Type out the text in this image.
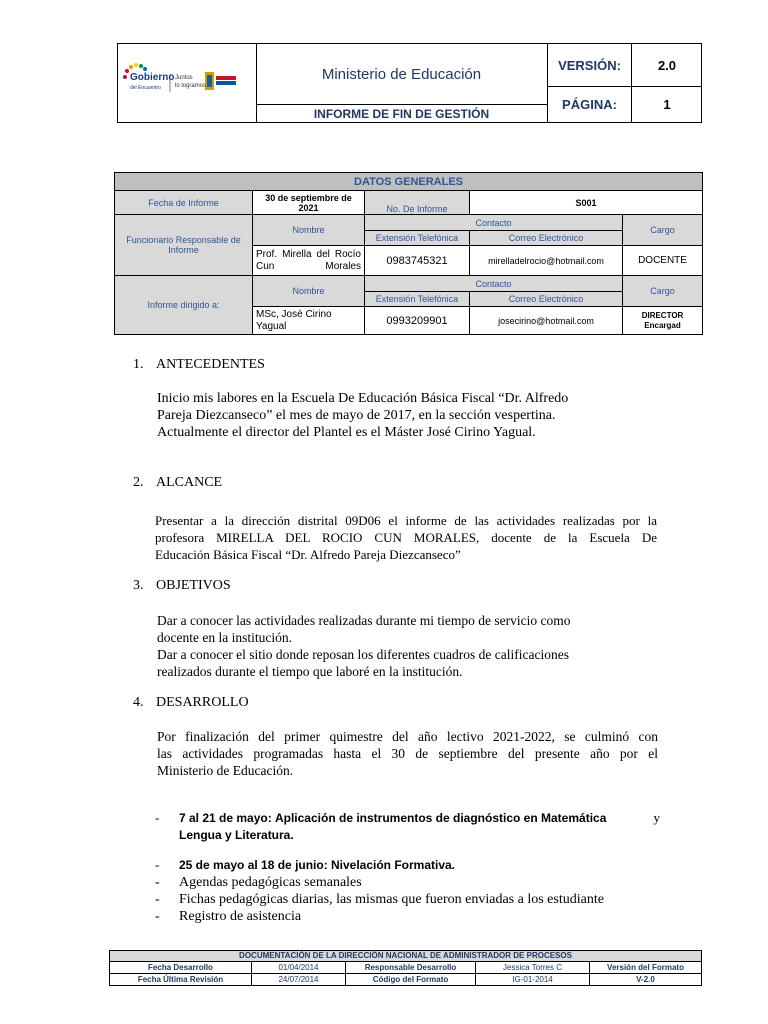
Gobierno
del Encuentro
Juntos
lo logramos
Ministerio de Educación
INFORME DE FIN DE GESTIÓN
VERSIÓN:	2.0
PÁGINA:	1
DATOS GENERALES				
Fecha de Informe	30 de septiembre de 2021	No. De Informe	S001	
Funcionario Responsable de Informe	Nombre	Contacto		Cargo
		Extensión Telefónica	Correo Electrónico	
	Prof. Mirella del Rocío Cun Morales	0983745321	mirelladelrocio@hotmail.com	DOCENTE
Informe dirigido a:	Nombre	Contacto		Cargo
		Extensión Telefónica	Correo Electrónico	
	MSc, José Cirino Yagual	0993209901	josecirino@hotmail.com	DIRECTOR Encargad
1. ANTECEDENTES
Inicio mis labores en la Escuela De Educación Básica Fiscal “Dr. Alfredo
Pareja Diezcanseco” el mes de mayo de 2017, en la sección vespertina.
Actualmente el director del Plantel es el Máster José Cirino Yagual.
2. ALCANCE
Presentar a la dirección distrital 09D06 el informe de las actividades realizadas por la
profesora MIRELLA DEL ROCIO CUN MORALES, docente de la Escuela De
Educación Básica Fiscal “Dr. Alfredo Pareja Diezcanseco”
3. OBJETIVOS
Dar a conocer las actividades realizadas durante mi tiempo de servicio como
docente en la institución.
Dar a conocer el sitio donde reposan los diferentes cuadros de calificaciones
realizados durante el tiempo que laboré en la institución.
4. DESARROLLO
Por finalización del primer quimestre del año lectivo 2021-2022, se culminó con
las actividades programadas hasta el 30 de septiembre del presente año por el
Ministerio de Educación.
- 7 al 21 de mayo: Aplicación de instrumentos de diagnóstico en Matemática	y
Lengua y Literatura.
- 25 de mayo al 18 de junio: Nivelación Formativa.
- Agendas pedagógicas semanales
- Fichas pedagógicas diarias, las mismas que fueron enviadas a los estudiante
- Registro de asistencia
DOCUMENTACIÓN DE LA DIRECCIÓN NACIONAL DE ADMINISTRADOR DE PROCESOS				
Fecha Desarrollo	01/04/2014	Responsable Desarrollo	Jessica Torres C	Versión del Formato
Fecha Última Revisión	24/07/2014	Código del Formato	IG-01-2014	V-2.0
